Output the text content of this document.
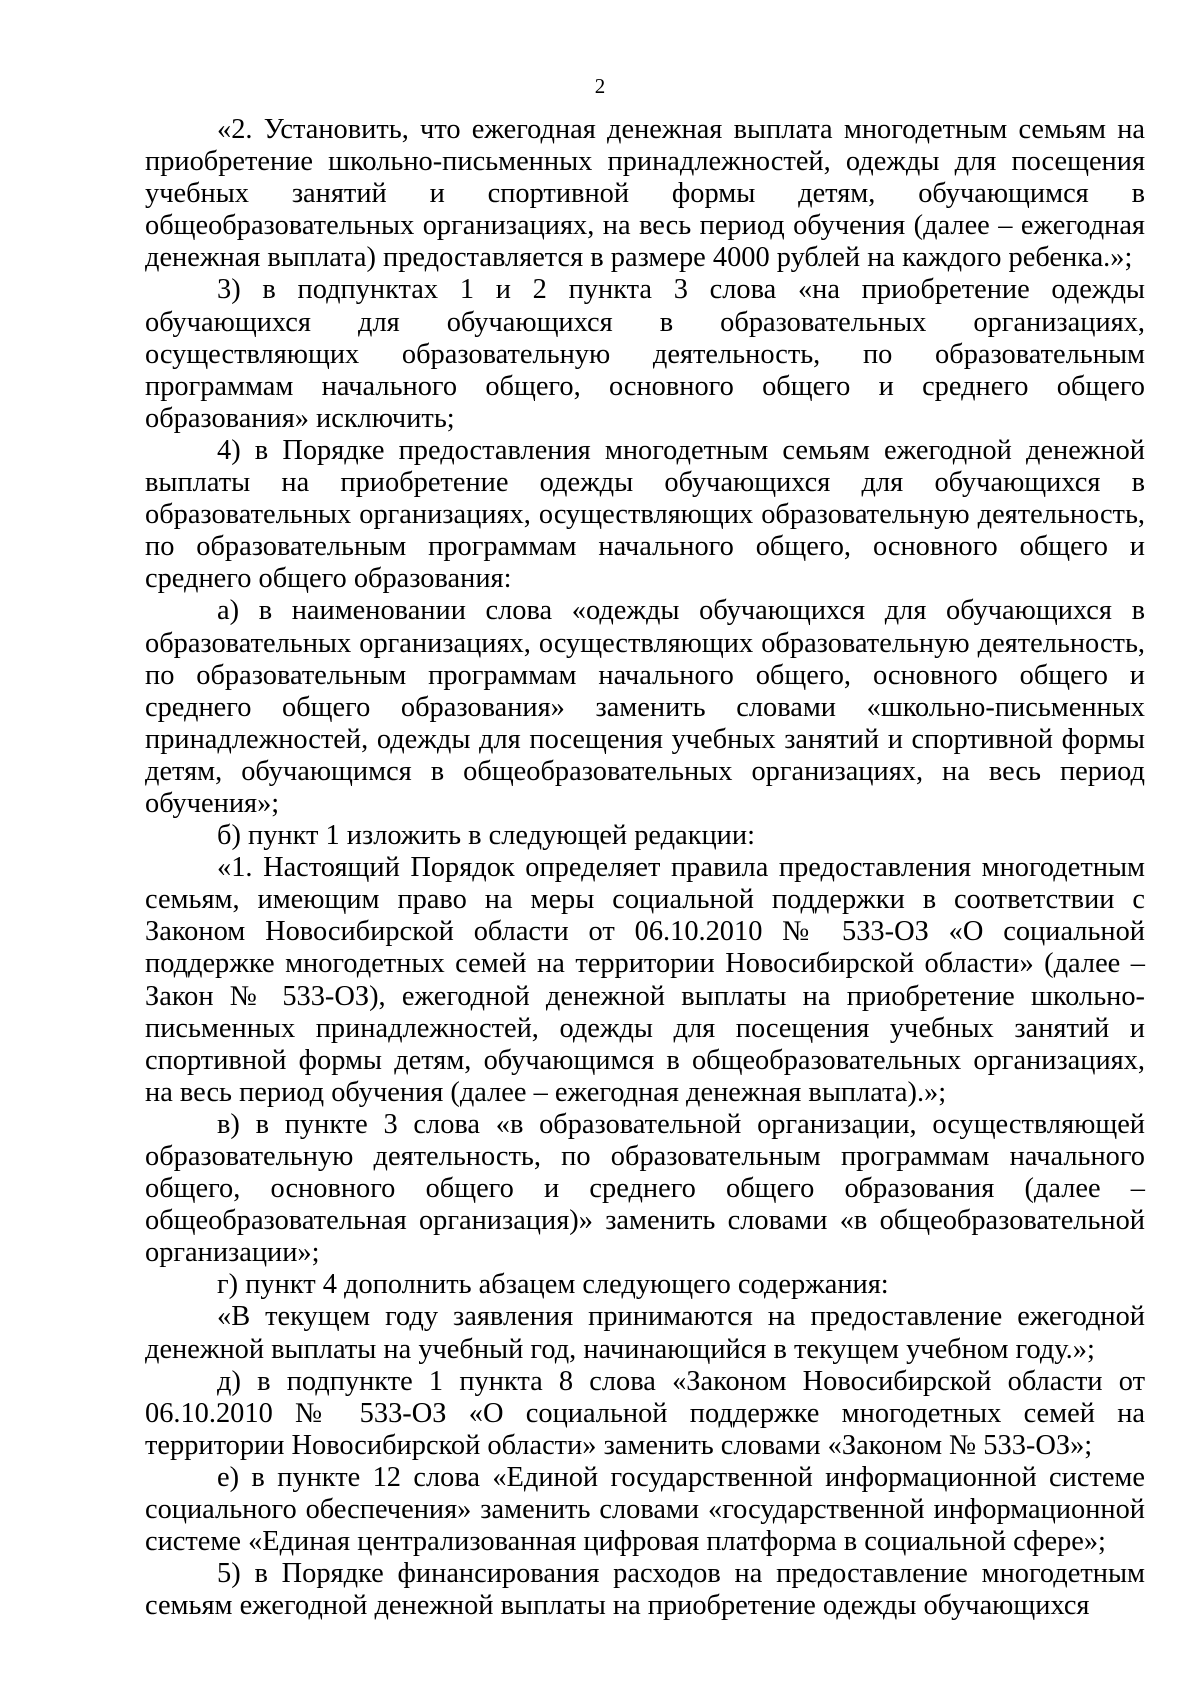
2

«2. Установить, что ежегодная денежная выплата многодетным семьям на приобретение школьно-письменных принадлежностей, одежды для посещения учебных занятий и спортивной формы детям, обучающимся в общеобразовательных организациях, на весь период обучения (далее – ежегодная денежная выплата) предоставляется в размере 4000 рублей на каждого ребенка.»;

3) в подпунктах 1 и 2 пункта 3 слова «на приобретение одежды обучающихся для обучающихся в образовательных организациях, осуществляющих образовательную деятельность, по образовательным программам начального общего, основного общего и среднего общего образования» исключить;

4) в Порядке предоставления многодетным семьям ежегодной денежной выплаты на приобретение одежды обучающихся для обучающихся в образовательных организациях, осуществляющих образовательную деятельность, по образовательным программам начального общего, основного общего и среднего общего образования:

а) в наименовании слова «одежды обучающихся для обучающихся в образовательных организациях, осуществляющих образовательную деятельность, по образовательным программам начального общего, основного общего и среднего общего образования» заменить словами «школьно-письменных принадлежностей, одежды для посещения учебных занятий и спортивной формы детям, обучающимся в общеобразовательных организациях, на весь период обучения»;

б) пункт 1 изложить в следующей редакции:

«1. Настоящий Порядок определяет правила предоставления многодетным семьям, имеющим право на меры социальной поддержки в соответствии с Законом Новосибирской области от 06.10.2010 № 533-ОЗ «О социальной поддержке многодетных семей на территории Новосибирской области» (далее – Закон № 533-ОЗ), ежегодной денежной выплаты на приобретение школьно-письменных принадлежностей, одежды для посещения учебных занятий и спортивной формы детям, обучающимся в общеобразовательных организациях, на весь период обучения (далее – ежегодная денежная выплата).»;

в) в пункте 3 слова «в образовательной организации, осуществляющей образовательную деятельность, по образовательным программам начального общего, основного общего и среднего общего образования (далее – общеобразовательная организация)» заменить словами «в общеобразовательной организации»;

г) пункт 4 дополнить абзацем следующего содержания:

«В текущем году заявления принимаются на предоставление ежегодной денежной выплаты на учебный год, начинающийся в текущем учебном году.»;

д) в подпункте 1 пункта 8 слова «Законом Новосибирской области от 06.10.2010 № 533-ОЗ «О социальной поддержке многодетных семей на территории Новосибирской области» заменить словами «Законом № 533-ОЗ»;

е) в пункте 12 слова «Единой государственной информационной системе социального обеспечения» заменить словами «государственной информационной системе «Единая централизованная цифровая платформа в социальной сфере»;

5) в Порядке финансирования расходов на предоставление многодетным семьям ежегодной денежной выплаты на приобретение одежды обучающихся
